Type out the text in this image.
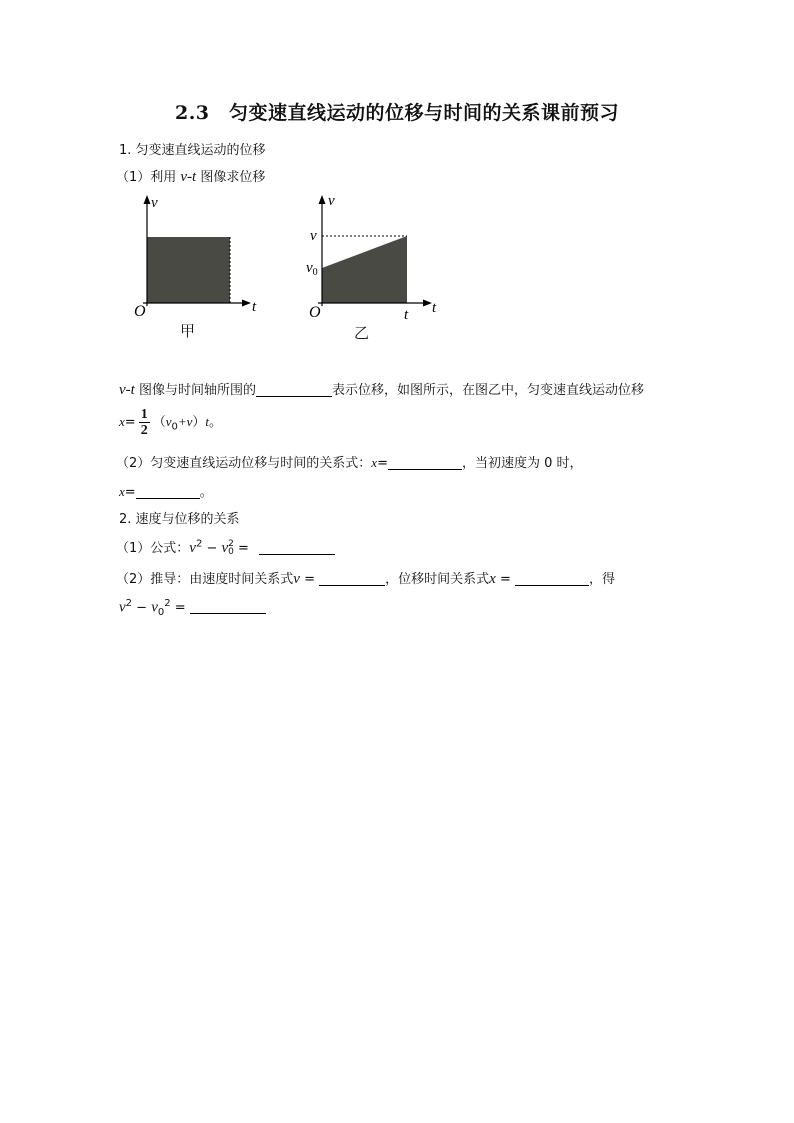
2.3　匀变速直线运动的位移与时间的关系课前预习
1. 匀变速直线运动的位移
（1）利用 v-t 图像求位移
v
t
O
甲
v
t
O
v
$v_0$
t
乙
v-t 图像与时间轴所围的	表示位移，如图所示，在图乙中，匀变速直线运动位移
$x= \frac{1}{2} (v_0+v)t$。
（2）匀变速直线运动位移与时间的关系式：x=	，当初速度为 0 时，
x=	。
2. 速度与位移的关系
（1）公式：$v^2 - v$ 2
0 =
（2）推导：由速度时间关系式v =	，位移时间关系式x =	，得
$v^2 - v_0^2$ =
